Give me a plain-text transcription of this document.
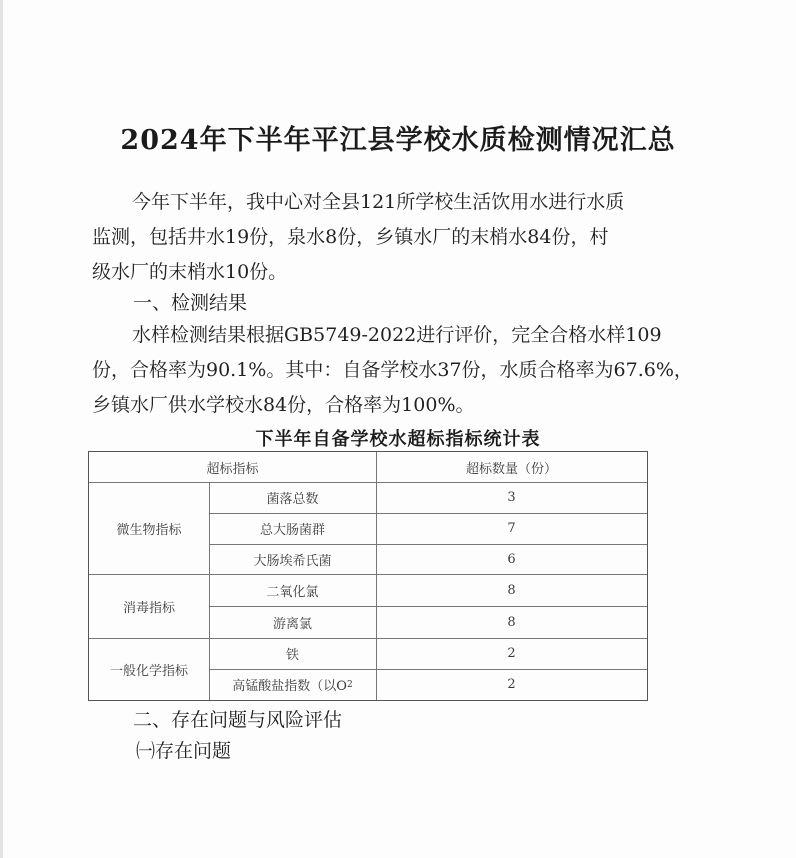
2024年下半年平江县学校水质检测情况汇总
今年下半年，我中心对全县121所学校生活饮用水进行水质
监测，包括井水19份，泉水8份，乡镇水厂的末梢水84份，村
级水厂的末梢水10份。
一、检测结果
水样检测结果根据GB5749-2022进行评价，完全合格水样109
份，合格率为90.1%。其中：自备学校水37份，水质合格率为67.6%，
乡镇水厂供水学校水84份，合格率为100%。
下半年自备学校水超标指标统计表
超标指标	超标数量（份）
微生物指标
消毒指标
一般化学指标
菌落总数
总大肠菌群
大肠埃希氏菌
二氧化氯
游离氯
铁
高锰酸盐指数（以O 2
3
7
6
8
8
2
2
二、存在问题与风险评估
㈠存在问题
